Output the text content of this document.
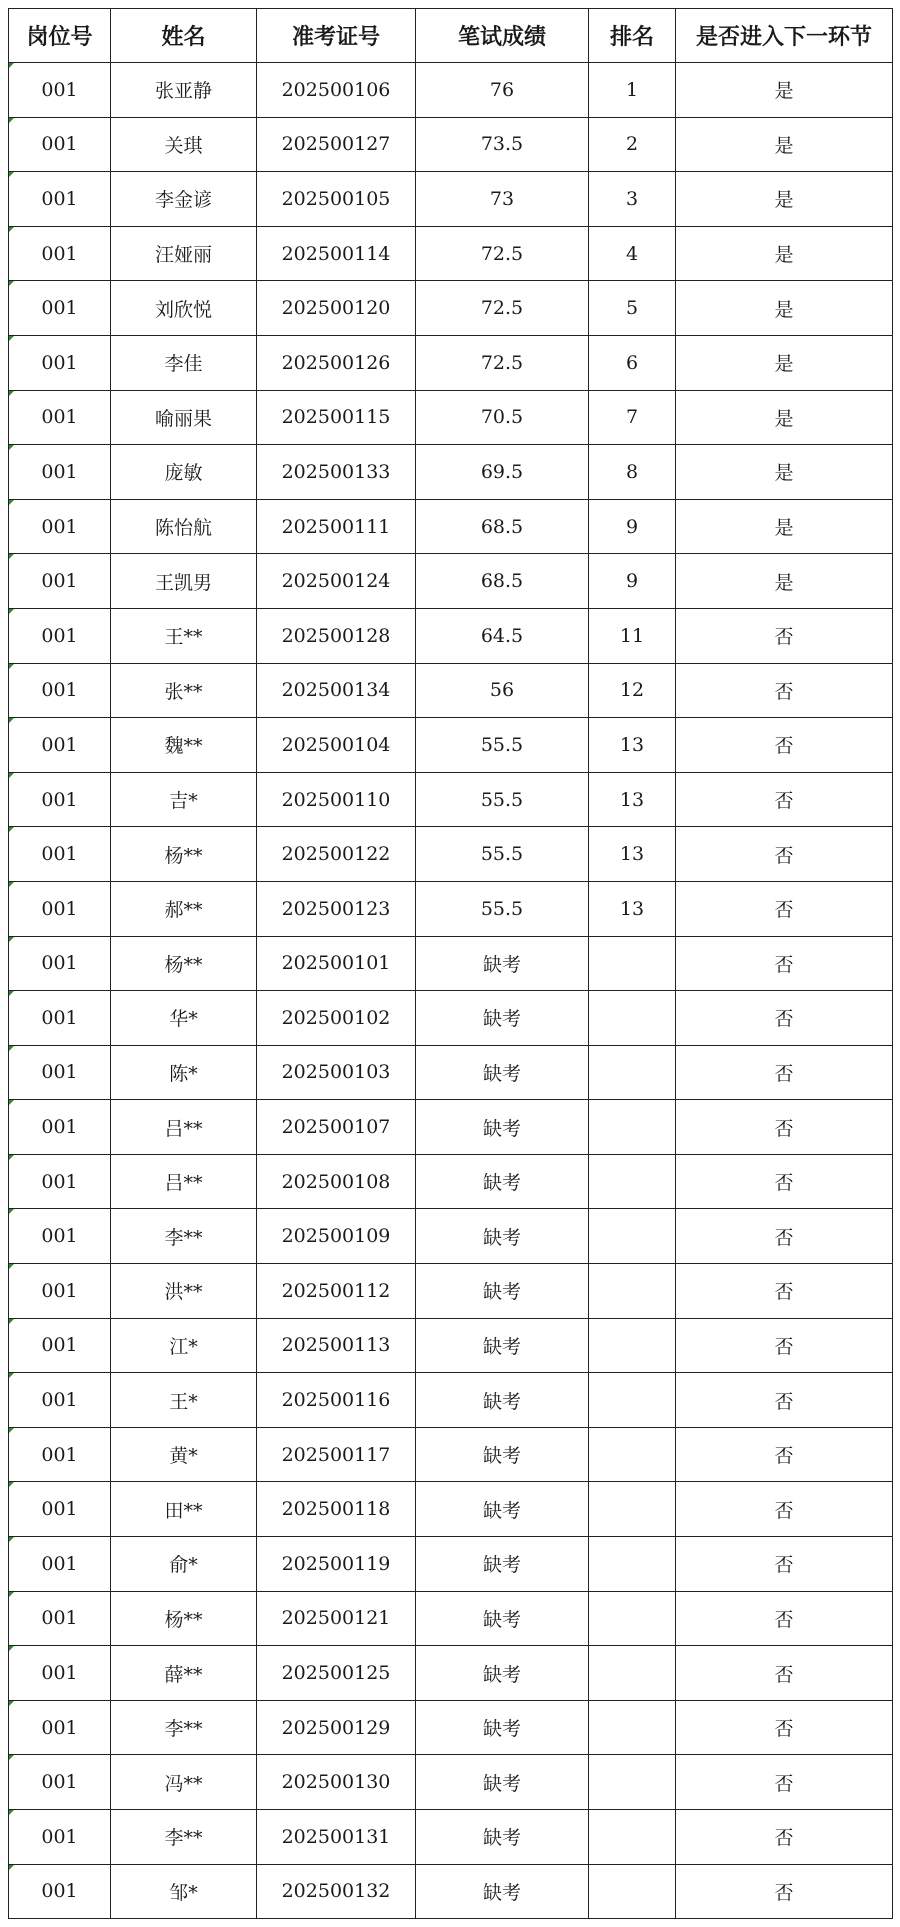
岗位号	姓名	准考证号	笔试成绩	排名	是否进入下一环节
001	张亚静	202500106	76	1	是
001	关琪	202500127	73.5	2	是
001	李金谚	202500105	73	3	是
001	汪娅丽	202500114	72.5	4	是
001	刘欣悦	202500120	72.5	5	是
001	李佳	202500126	72.5	6	是
001	喻丽果	202500115	70.5	7	是
001	庞敏	202500133	69.5	8	是
001	陈怡航	202500111	68.5	9	是
001	王凯男	202500124	68.5	9	是
001	王**	202500128	64.5	11	否
001	张**	202500134	56	12	否
001	魏**	202500104	55.5	13	否
001	吉*	202500110	55.5	13	否
001	杨**	202500122	55.5	13	否
001	郝**	202500123	55.5	13	否
001	杨**	202500101	缺考		否
001	华*	202500102	缺考		否
001	陈*	202500103	缺考		否
001	吕**	202500107	缺考		否
001	吕**	202500108	缺考		否
001	李**	202500109	缺考		否
001	洪**	202500112	缺考		否
001	江*	202500113	缺考		否
001	王*	202500116	缺考		否
001	黄*	202500117	缺考		否
001	田**	202500118	缺考		否
001	俞*	202500119	缺考		否
001	杨**	202500121	缺考		否
001	薛**	202500125	缺考		否
001	李**	202500129	缺考		否
001	冯**	202500130	缺考		否
001	李**	202500131	缺考		否
001	邹*	202500132	缺考		否
